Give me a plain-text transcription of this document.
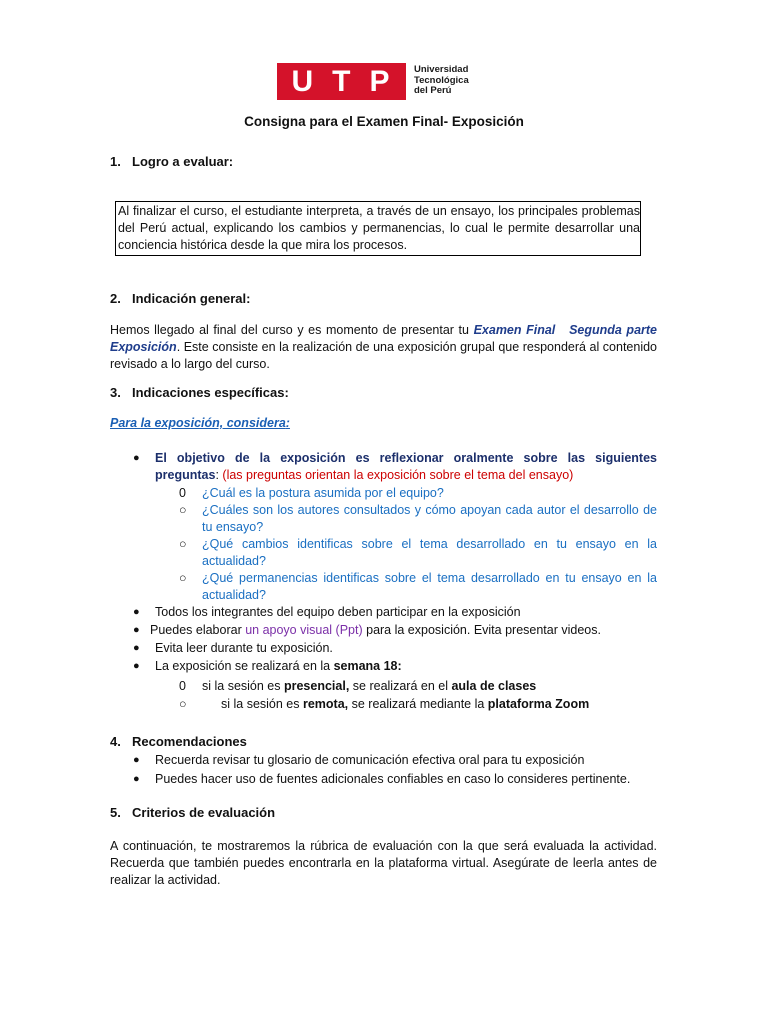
U T P Universidad
Tecnológica
del Perú
Consigna para el Examen Final- Exposición
1. Logro a evaluar:
Al finalizar el curso, el estudiante interpreta, a través de un ensayo, los principales problemas del Perú actual, explicando los cambios y permanencias, lo cual le permite desarrollar una conciencia histórica desde la que mira los procesos.
2. Indicación general:
Hemos llegado al final del curso y es momento de presentar tu Examen Final Segunda parte Exposición. Este consiste en la realización de una exposición grupal que responderá al contenido revisado a lo largo del curso.
3. Indicaciones específicas:
Para la exposición, considera:
● El objetivo de la exposición es reflexionar oralmente sobre las siguientes preguntas: (las preguntas orientan la exposición sobre el tema del ensayo)
0 ¿Cuál es la postura asumida por el equipo?
○ ¿Cuáles son los autores consultados y cómo apoyan cada autor el desarrollo de tu ensayo?
○ ¿Qué cambios identificas sobre el tema desarrollado en tu ensayo en la actualidad?
○ ¿Qué permanencias identificas sobre el tema desarrollado en tu ensayo en la actualidad?
● Todos los integrantes del equipo deben participar en la exposición
● Puedes elaborar un apoyo visual (Ppt) para la exposición. Evita presentar videos.
● Evita leer durante tu exposición.
● La exposición se realizará en la semana 18:
0 si la sesión es presencial, se realizará en el aula de clases
○	si la sesión es remota, se realizará mediante la plataforma Zoom
4. Recomendaciones
● Recuerda revisar tu glosario de comunicación efectiva oral para tu exposición
● Puedes hacer uso de fuentes adicionales confiables en caso lo consideres pertinente.
5. Criterios de evaluación
A continuación, te mostraremos la rúbrica de evaluación con la que será evaluada la actividad. Recuerda que también puedes encontrarla en la plataforma virtual. Asegúrate de leerla antes de realizar la actividad.
